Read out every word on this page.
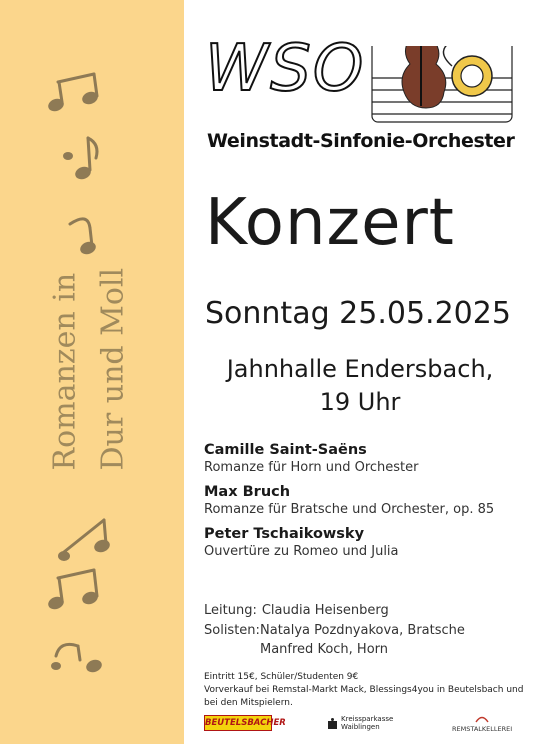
Romanzen in Dur und Moll
WSO
Weinstadt-Sinfonie-Orchester
Konzert
Sonntag 25.05.2025
Jahnhalle Endersbach,
19 Uhr
Camille Saint-Saëns
Romanze für Horn und Orchester
Max Bruch
Romanze für Bratsche und Orchester, op. 85
Peter Tschaikowsky
Ouvertüre zu Romeo und Julia
Leitung: Claudia Heisenberg
Solisten: Natalya Pozdnyakova, Bratsche
Manfred Koch, Horn
Eintritt 15€, Schüler/Studenten 9€
Vorverkauf bei Remstal-Markt Mack, Blessings4you in Beutelsbach und bei den Mitspielern.
BEUTELSBACHER	Kreissparkasse
Waiblingen	REMSTALKELLEREI
